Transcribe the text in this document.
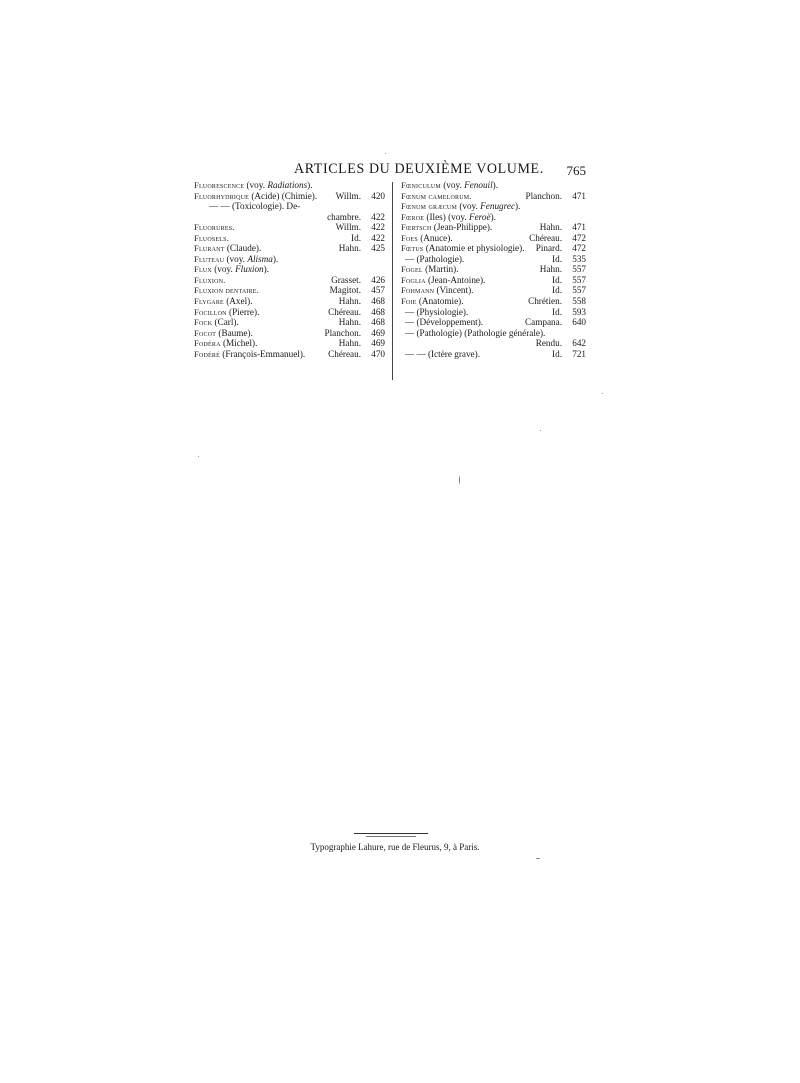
ARTICLES DU DEUXIÈME VOLUME. 765
Fluorescence (voy. Radiations).
Fluorhydrique (Acide) (Chimie). Willm.	420
— — (Toxicologie). De-
chambre.	422
Fluorures.	Willm.	422
Fluosels.	Id.	422
Flurant (Claude).	Hahn.	425
Fluteau (voy. Alisma).
Flux (voy. Fluxion).
Fluxion.	Grasset.	426
Fluxion dentaire.	Magitot.	457
Flygare (Axel).	Hahn.	468
Focillon (Pierre).	Chéreau.	468
Fock (Carl).	Hahn.	468
Focot (Baume).	Planchon.	469
Fodéra (Michel).	Hahn.	469
Fodéré (François-Emmanuel). Chéreau.	470
Fœniculum (voy. Fenouil).
Fœnum camelorum.	Planchon.	471
Fœnum græcum (voy. Fenugrec).
Fœroe (Iles) (voy. Feroë).
Fœrtsch (Jean-Philippe).	Hahn.	471
Foes (Anuce).	Chéreau.	472
Fœtus (Anatomie et physiologie). Pinard.	472
— (Pathologie).	Id.	535
Fogel (Martin).	Hahn.	557
Foglia (Jean-Antoine).	Id.	557
Fohmann (Vincent).	Id.	557
Foie (Anatomie).	Chrétien.	558
— (Physiologie).	Id.	593
— (Développement).	Campana.	640
— (Pathologie) (Pathologie générale).
Rendu.	642
— — (Ictère grave).	Id.	721
Typographie Lahure, rue de Fleurus, 9, à Paris.
